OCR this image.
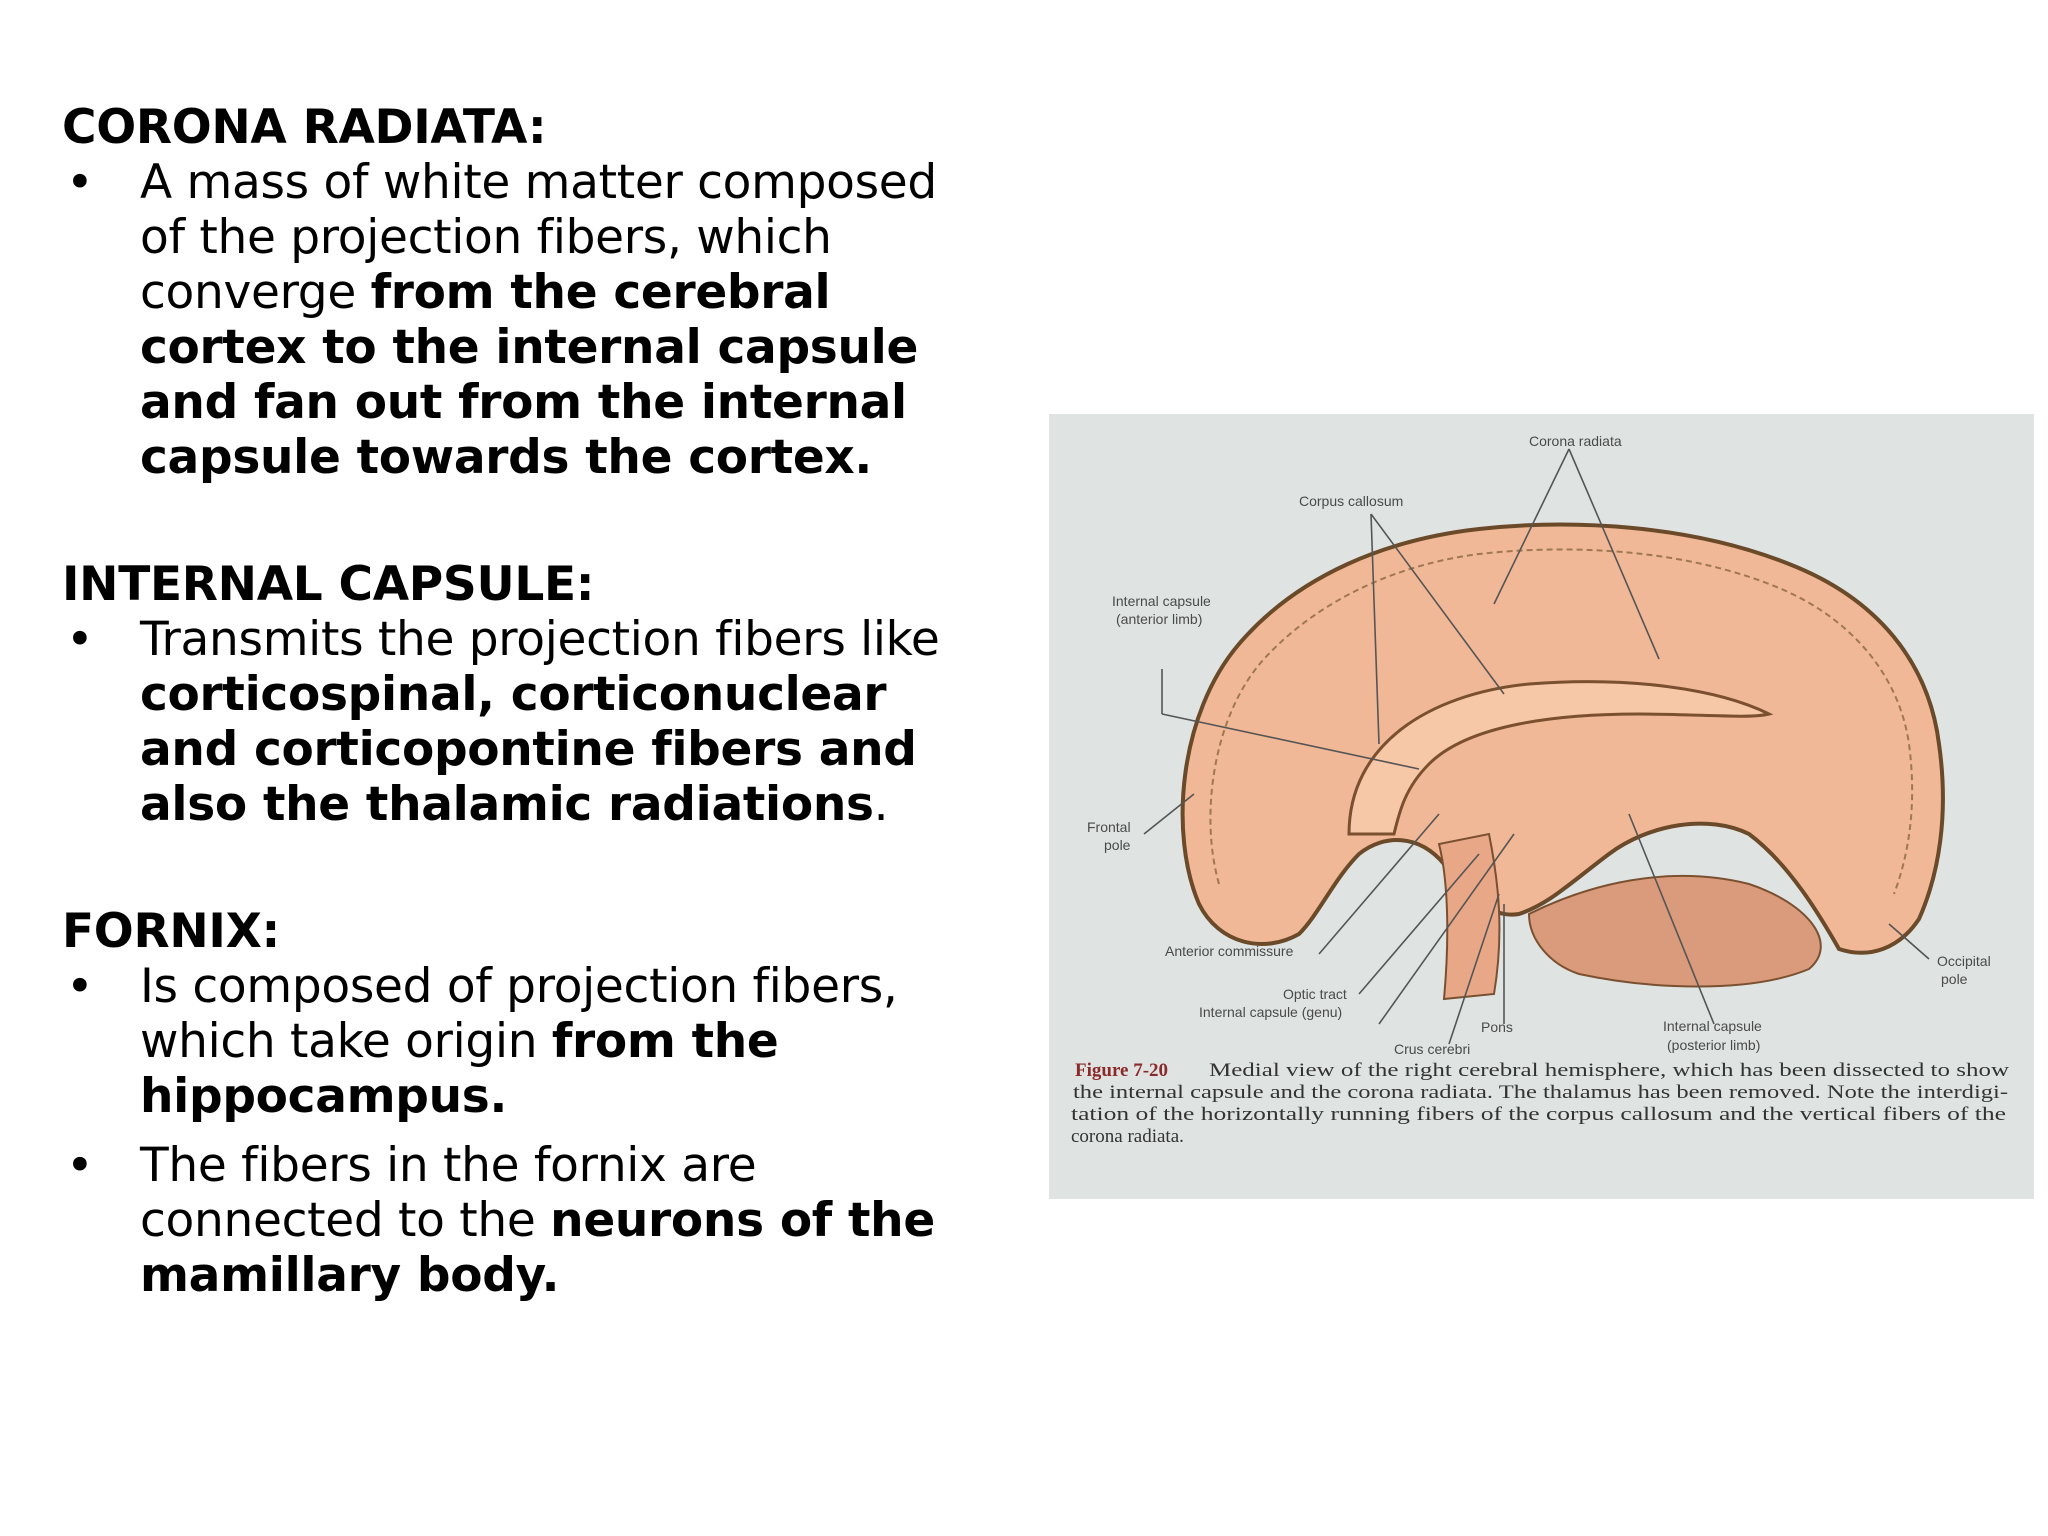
CORONA RADIATA:

• A mass of white matter composed of the projection fibers, which converge from the cerebral cortex to the internal capsule and fan out from the internal capsule towards the cortex.

INTERNAL CAPSULE:

• Transmits the projection fibers like corticospinal, corticonuclear and corticopontine fibers and also the thalamic radiations.

FORNIX:

• Is composed of projection fibers, which take origin from the hippocampus.
• The fibers in the fornix are connected to the neurons of the mamillary body.
Corona radiata
Corpus callosum
Internal capsule
(anterior limb)
Frontal
pole
Anterior commissure
Optic tract
Internal capsule (genu)
Crus cerebri
Pons	Internal capsule
(posterior limb)
Occipital
pole
Figure 7-20 Medial view of the right cerebral hemisphere, which has been dissected to show
the internal capsule and the corona radiata. The thalamus has been removed. Note the interdigi-
tation of the horizontally running fibers of the corpus callosum and the vertical fibers of the
corona radiata.
